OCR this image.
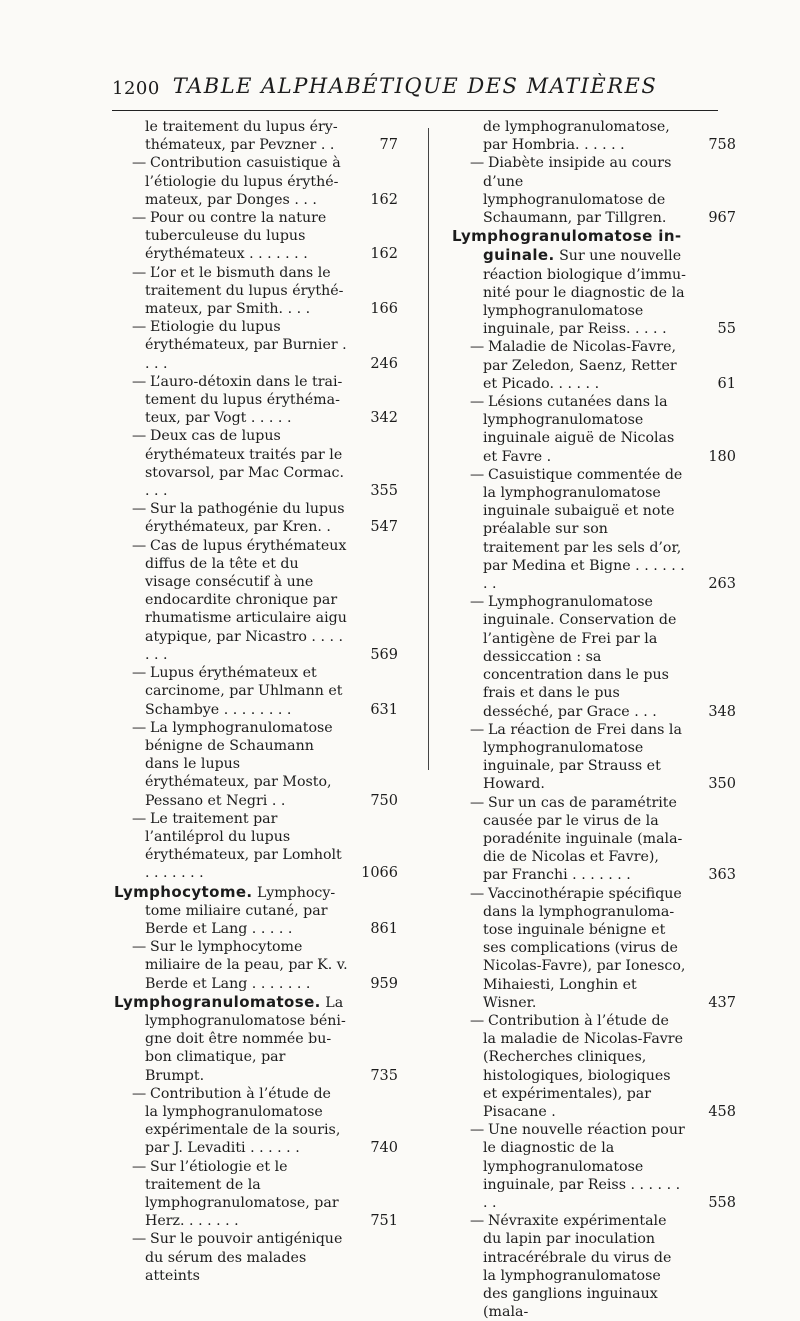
1200 TABLE ALPHABÉTIQUE DES MATIÈRES

le traitement du lupus érythémateux, par Pevzner . .	77

— Contribution casuistique à l’étiologie du lupus érythémateux, par Donges . . .	162

— Pour ou contre la nature tuberculeuse du lupus érythémateux . . . . . . .	162

— L’or et le bismuth dans le traitement du lupus érythémateux, par Smith. . . .	166

— Etiologie du lupus érythémateux, par Burnier . . . .	246

— L’auro-détoxin dans le traitement du lupus érythémateux, par Vogt . . . . .	342

— Deux cas de lupus érythémateux traités par le stovarsol, par Mac Cormac. . . .	355

— Sur la pathogénie du lupus érythémateux, par Kren. .	547

— Cas de lupus érythémateux diffus de la tête et du visage consécutif à une endocardite chronique par rhumatisme articulaire aigu atypique, par Nicastro . . . . . . .	569

— Lupus érythémateux et carcinome, par Uhlmann et Schambye . . . . . . . .	631

— La lymphogranulomatose bénigne de Schaumann dans le lupus érythémateux, par Mosto, Pessano et Negri . .	750

— Le traitement par l’antiléprol du lupus érythémateux, par Lomholt . . . . . . .	1066

Lymphocytome. Lymphocytome miliaire cutané, par Berde et Lang . . . . .	861

— Sur le lymphocytome miliaire de la peau, par K. v. Berde et Lang . . . . . . .	959

Lymphogranulomatose. La lymphogranulomatose bénigne doit être nommée bubon climatique, par Brumpt.	735

— Contribution à l’étude de la lymphogranulomatose expérimentale de la souris, par J. Levaditi . . . . . .	740

— Sur l’étiologie et le traitement de la lymphogranulomatose, par Herz. . . . . . .	751

— Sur le pouvoir antigénique du sérum des malades atteints

de lymphogranulomatose, par Hombria. . . . . .	758

— Diabète insipide au cours d’une lymphogranulomatose de Schaumann, par Tillgren.	967

Lymphogranulomatose inguinale. Sur une nouvelle réaction biologique d’immunité pour le diagnostic de la lymphogranulomatose inguinale, par Reiss. . . . .	55

— Maladie de Nicolas-Favre, par Zeledon, Saenz, Retter et Picado. . . . . .	61

— Lésions cutanées dans la lymphogranulomatose inguinale aiguë de Nicolas et Favre .	180

— Casuistique commentée de la lymphogranulomatose inguinale subaiguë et note préalable sur son traitement par les sels d’or, par Medina et Bigne . . . . . . . .	263

— Lymphogranulomatose inguinale. Conservation de l’antigène de Frei par la dessiccation : sa concentration dans le pus frais et dans le pus desséché, par Grace . . .	348

— La réaction de Frei dans la lymphogranulomatose inguinale, par Strauss et Howard.	350

— Sur un cas de paramétrite causée par le virus de la poradénite inguinale (maladie de Nicolas et Favre), par Franchi . . . . . . .	363

— Vaccinothérapie spécifique dans la lymphogranulomatose inguinale bénigne et ses complications (virus de Nicolas-Favre), par Ionesco, Mihaiesti, Longhin et Wisner.	437

— Contribution à l’étude de la maladie de Nicolas-Favre (Recherches cliniques, histologiques, biologiques et expérimentales), par Pisacane .	458

— Une nouvelle réaction pour le diagnostic de la lymphogranulomatose inguinale, par Reiss . . . . . . . .	558

— Névraxite expérimentale du lapin par inoculation intracérébrale du virus de la lymphogranulomatose des ganglions inguinaux (mala-
